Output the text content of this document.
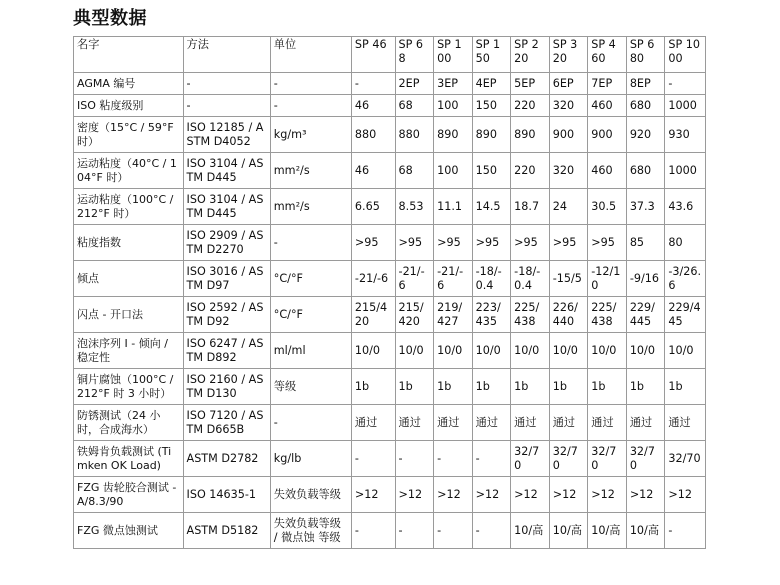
典型数据
名字	方法	单位	SP 46	SP 68	SP 100	SP 150	SP 220	SP 320	SP 460	SP 680	SP 1000
AGMA 编号	-	-	-	2EP	3EP	4EP	5EP	6EP	7EP	8EP	-
ISO 粘度级别	-	-	46	68	100	150	220	320	460	680	1000
密度（15°C / 59°F 时）	ISO 12185 / ASTM D4052	kg/m³	880	880	890	890	890	900	900	920	930
运动粘度（40°C / 104°F 时）	ISO 3104 / ASTM D445	mm²/s	46	68	100	150	220	320	460	680	1000
运动粘度（100°C / 212°F 时）	ISO 3104 / ASTM D445	mm²/s	6.65	8.53	11.1	14.5	18.7	24	30.5	37.3	43.6
粘度指数	ISO 2909 / ASTM D2270	-	>95	>95	>95	>95	>95	>95	>95	85	80
倾点	ISO 3016 / ASTM D97	°C/°F	-21/-6	-21/-6	-21/-6	-18/-0.4	-18/-0.4	-15/5	-12/10	-9/16	-3/26.6
闪点 - 开口法	ISO 2592 / ASTM D92	°C/°F	215/420	215/420	219/427	223/435	225/438	226/440	225/438	229/445	229/445
泡沫序列 I - 倾向 / 稳定性	ISO 6247 / ASTM D892	ml/ml	10/0	10/0	10/0	10/0	10/0	10/0	10/0	10/0	10/0
铜片腐蚀（100°C / 212°F 时 3 小时）	ISO 2160 / ASTM D130	等级	1b	1b	1b	1b	1b	1b	1b	1b	1b
防锈测试（24 小时，合成海水）	ISO 7120 / ASTM D665B	-	通过	通过	通过	通过	通过	通过	通过	通过	通过
铁姆肯负载测试 (Timken OK Load)	ASTM D2782	kg/lb	-	-	-	-	32/70	32/70	32/70	32/70	32/70
FZG 齿轮胶合测试 - A/8.3/90	ISO 14635-1	失效负载等级	>12	>12	>12	>12	>12	>12	>12	>12	>12
FZG 微点蚀测试	ASTM D5182	失效负载等级 / 微点蚀 等级	-	-	-	-	10/高	10/高	10/高	10/高	-
